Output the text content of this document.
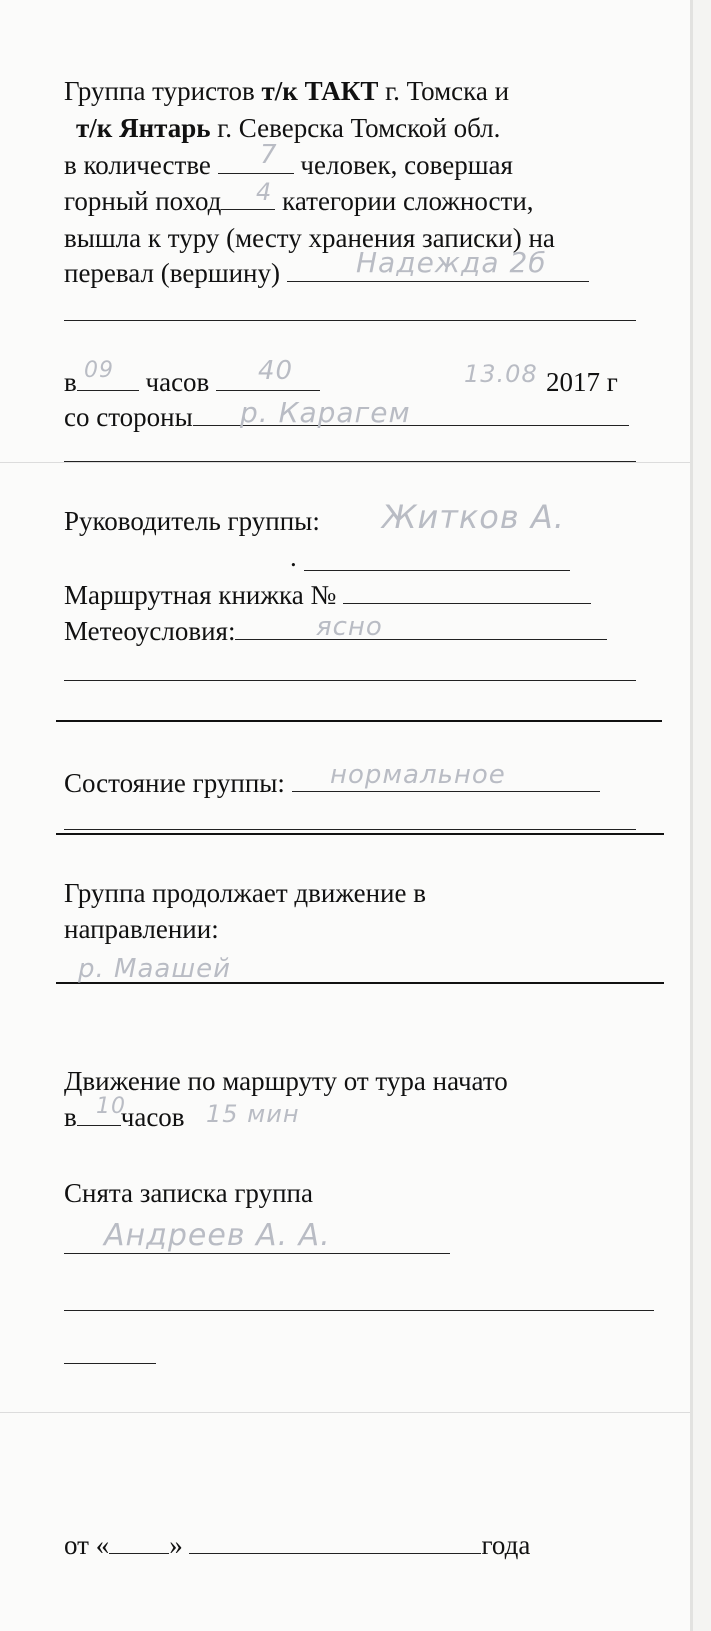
Группа туристов т/к ТАКТ г. Томска и
т/к Янтарь г. Северска Томской обл.
в количестве	человек, совершая
горный поход категории сложности,
вышла к туру (месту хранения записки) на
перевал (вершину)
в часов	2017 г
со стороны
Руководитель группы:
.
Маршрутная книжка №
Метеоусловия:
Состояние группы:
Группа продолжает движение в
направлении:
Движение по маршруту от тура начато
в часов
Снята записка группа
от « »	года
7
4
Надежда 2б
09	40	13.08
р. Карагем
Житков А.
ясно
нормальное
р. Маашей
10	15 мин
Андреев А. А.
